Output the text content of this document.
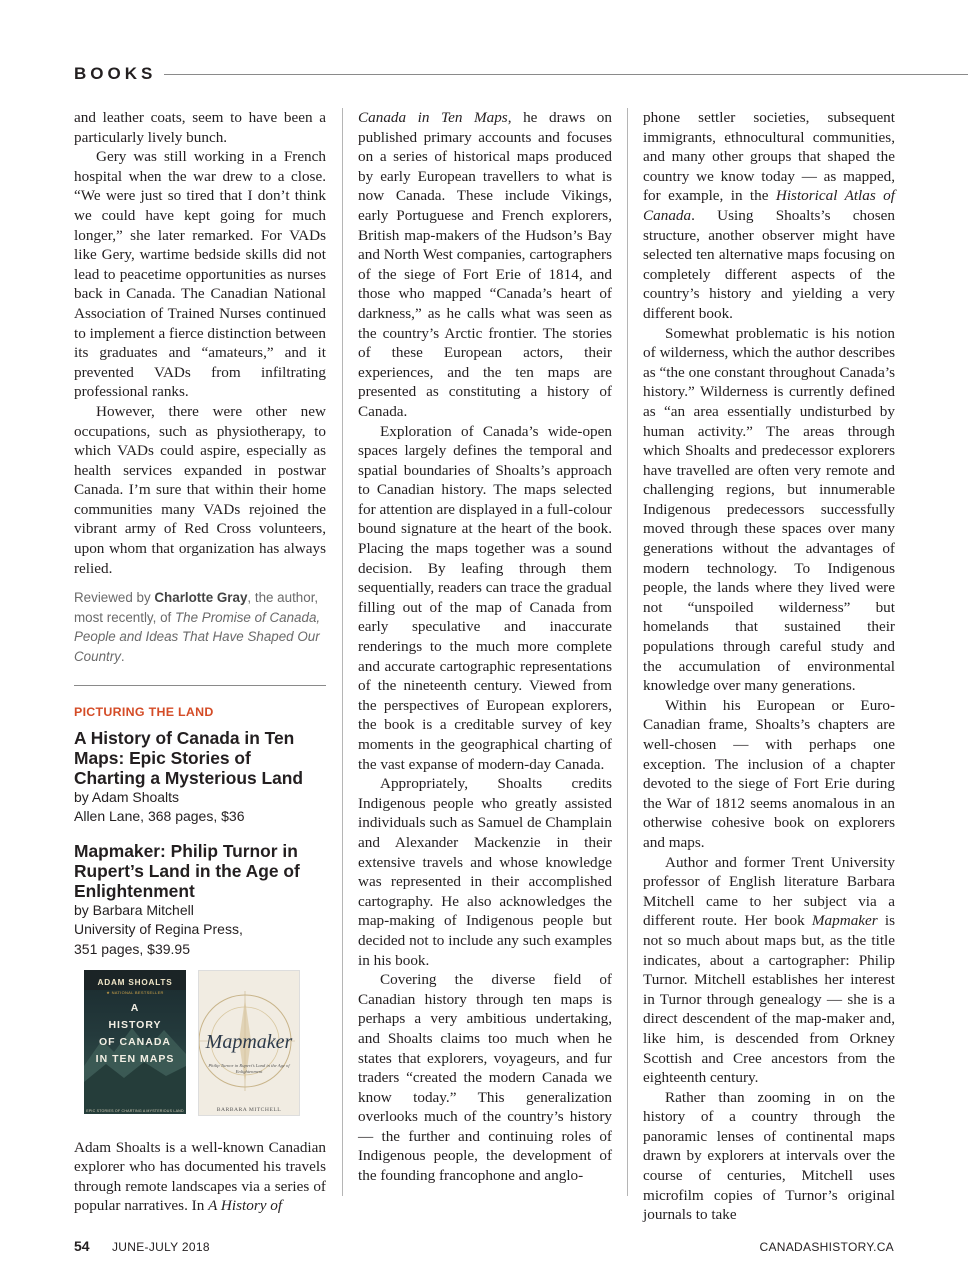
BOOKS

and leather coats, seem to have been a particularly lively bunch.

Gery was still working in a French hospital when the war drew to a close. “We were just so tired that I don’t think we could have kept going for much longer,” she later remarked. For VADs like Gery, wartime bedside skills did not lead to peacetime opportunities as nurses back in Canada. The Canadian National Association of Trained Nurses continued to implement a fierce distinction between its graduates and “amateurs,” and it prevented VADs from infiltrating professional ranks.

However, there were other new occupations, such as physiotherapy, to which VADs could aspire, especially as health services expanded in postwar Canada. I’m sure that within their home communities many VADs rejoined the vibrant army of Red Cross volunteers, upon whom that organization has always relied.

Reviewed by Charlotte Gray, the author, most recently, of The Promise of Canada, People and Ideas That Have Shaped Our Country.

PICTURING THE LAND
A History of Canada in Ten Maps: Epic Stories of Charting a Mysterious Land
by Adam Shoalts
Allen Lane, 368 pages, $36
Mapmaker: Philip Turnor in Rupert’s Land in the Age of Enlightenment
by Barbara Mitchell
University of Regina Press,
351 pages, $39.95
ADAM SHOALTS
★ NATIONAL BESTSELLER
A
HISTORY
OF CANADA
IN TEN MAPS
EPIC STORIES OF CHARTING A MYSTERIOUS LAND
Mapmaker
Philip Turnor in Rupert’s Land in the Age of Enlightenment
BARBARA MITCHELL

Adam Shoalts is a well-known Canadian explorer who has documented his travels through remote landscapes via a series of popular narratives. In A History of

Canada in Ten Maps, he draws on published primary accounts and focuses on a series of historical maps produced by early European travellers to what is now Canada. These include Vikings, early Portuguese and French explorers, British map-makers of the Hudson’s Bay and North West companies, cartographers of the siege of Fort Erie of 1814, and those who mapped “Canada’s heart of darkness,” as he calls what was seen as the country’s Arctic frontier. The stories of these European actors, their experiences, and the ten maps are presented as constituting a history of Canada.

Exploration of Canada’s wide-open spaces largely defines the temporal and spatial boundaries of Shoalts’s approach to Canadian history. The maps selected for attention are displayed in a full-colour bound signature at the heart of the book. Placing the maps together was a sound decision. By leafing through them sequentially, readers can trace the gradual filling out of the map of Canada from early speculative and inaccurate renderings to the much more complete and accurate cartographic representations of the nineteenth century. Viewed from the perspectives of European explorers, the book is a creditable survey of key moments in the geographical charting of the vast expanse of modern-day Canada.

Appropriately, Shoalts credits Indigenous people who greatly assisted individuals such as Samuel de Champlain and Alexander Mackenzie in their extensive travels and whose knowledge was represented in their accomplished cartography. He also acknowledges the map-making of Indigenous people but decided not to include any such examples in his book.

Covering the diverse field of Canadian history through ten maps is perhaps a very ambitious undertaking, and Shoalts claims too much when he states that explorers, voyageurs, and fur traders “created the modern Canada we know today.” This generalization overlooks much of the country’s history — the further and continuing roles of Indigenous people, the development of the founding francophone and anglo-

phone settler societies, subsequent immigrants, ethnocultural communities, and many other groups that shaped the country we know today — as mapped, for example, in the Historical Atlas of Canada. Using Shoalts’s chosen structure, another observer might have selected ten alternative maps focusing on completely different aspects of the country’s history and yielding a very different book.

Somewhat problematic is his notion of wilderness, which the author describes as “the one constant throughout Canada’s history.” Wilderness is currently defined as “an area essentially undisturbed by human activity.” The areas through which Shoalts and predecessor explorers have travelled are often very remote and challenging regions, but innumerable Indigenous predecessors successfully moved through these spaces over many generations without the advantages of modern technology. To Indigenous people, the lands where they lived were not “unspoiled wilderness” but homelands that sustained their populations through careful study and the accumulation of environmental knowledge over many generations.

Within his European or Euro-Canadian frame, Shoalts’s chapters are well-chosen — with perhaps one exception. The inclusion of a chapter devoted to the siege of Fort Erie during the War of 1812 seems anomalous in an otherwise cohesive book on explorers and maps.

Author and former Trent University professor of English literature Barbara Mitchell came to her subject via a different route. Her book Mapmaker is not so much about maps but, as the title indicates, about a cartographer: Philip Turnor. Mitchell establishes her interest in Turnor through genealogy — she is a direct descendent of the map-maker and, like him, is descended from Orkney Scottish and Cree ancestors from the eighteenth century.

Rather than zooming in on the history of a country through the panoramic lenses of continental maps drawn by explorers at intervals over the course of centuries, Mitchell uses microfilm copies of Turnor’s original journals to take

54 JUNE-JULY 2018	CANADASHISTORY.CA
